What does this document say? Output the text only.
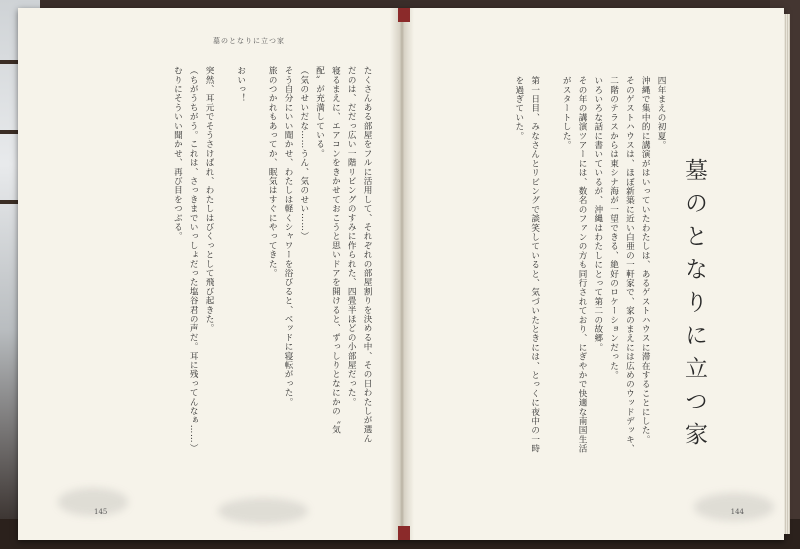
墓のとなりに立つ家
たくさんある部屋をフルに活用して、それぞれの部屋割りを決める中、その日わたしが選ん
だのは、だだっ広い一階リビングのすみに作られた、四畳半ほどの小部屋だった。
寝るまえに、エアコンをきかせておこうと思いドアを開けると、ずっしりとなにかの〝気
配〟が充満している。
（気のせいだな……うん、気のせい……）
そう自分にいい聞かせ、わたしは軽くシャワーを浴びると、ベッドに寝転がった。
旅のつかれもあってか、眠気はすぐにやってきた。

おいっ！

突然、耳元でそうさけばれ、わたしはびくっとして飛び起きた。
（ちがうちがう。これは、さっきまでいっしょだった塩谷君の声だ。耳に残ってんなぁ……）
むりにそういい聞かせ、再び目をつぶる。
145	144
四年まえの初夏。
沖縄で集中的に講演がはいっていたわたしは、あるゲストハウスに滞在することにした。
そのゲストハウスは、ほぼ新築に近い白亜の一軒家で、家のまえには広めのウッドデッキ、
二階のテラスからは東シナ海が一望できる、絶好のロケーションだった。
いろいろな話に書いているが、沖縄はわたしにとって第二の故郷。
その年の講演ツアーには、数名のファンの方も同行されており、にぎやかで快適な南国生活
がスタートした。

第一日目、みなさんとリビングで談笑していると、気づいたときには、とっくに夜中の一時
を過ぎていた。
墓のとなりに立つ家
